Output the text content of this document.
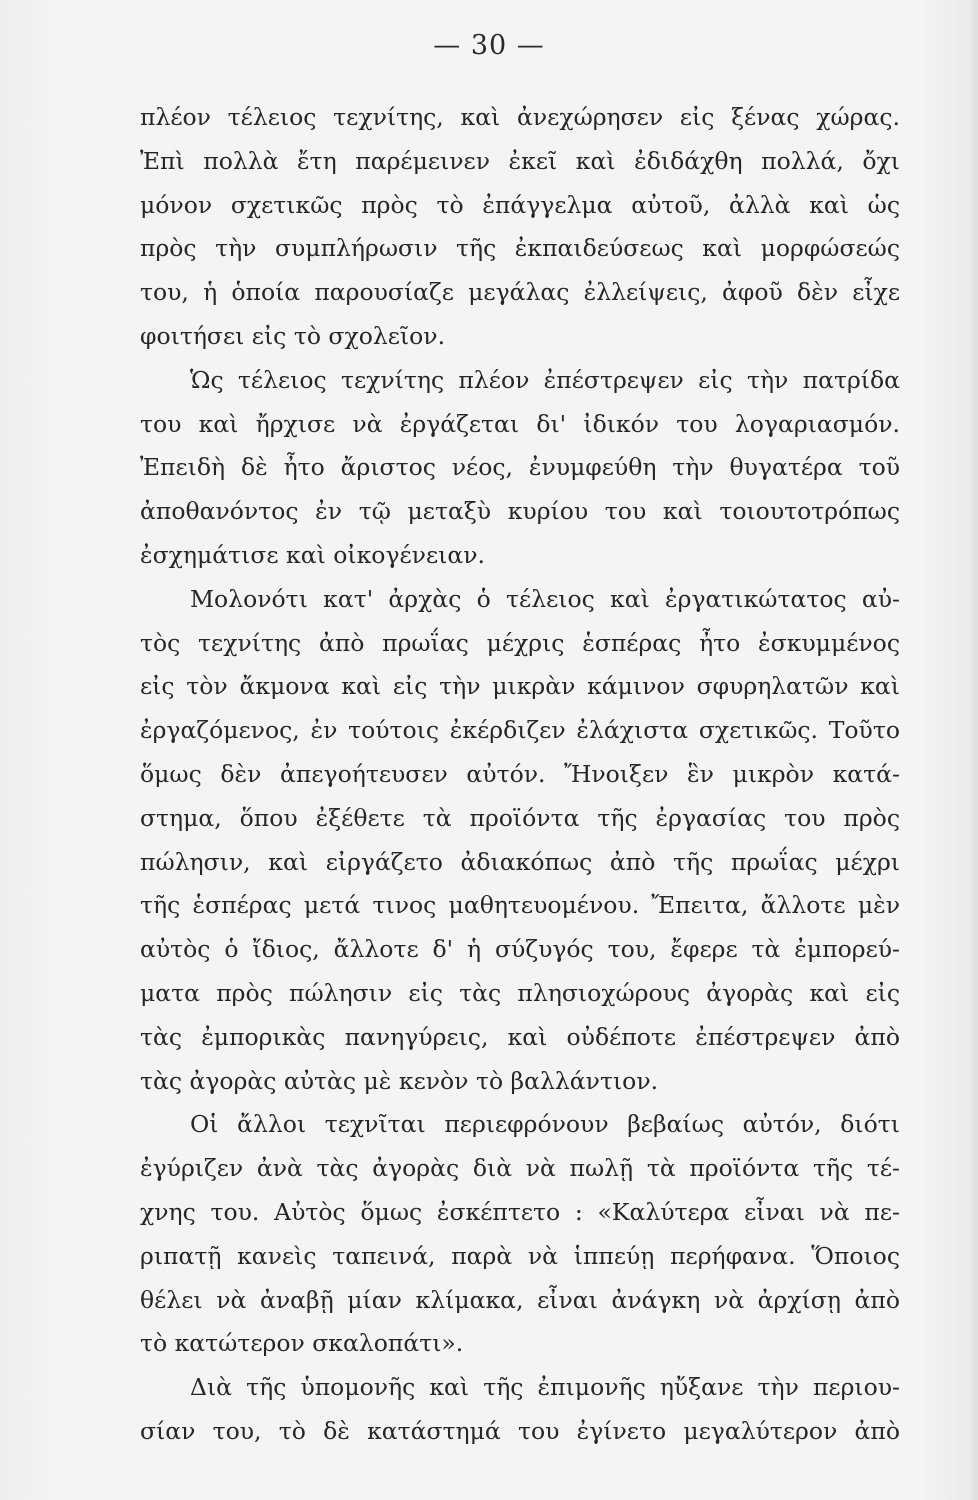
— 30 —
πλέον τέλειος τεχνίτης, καὶ ἀνεχώρησεν εἰς ξένας χώρας.
Ἐπὶ πολλὰ ἔτη παρέμεινεν ἐκεῖ καὶ ἐδιδάχθη πολλά, ὄχι
μόνον σχετικῶς πρὸς τὸ ἐπάγγελμα αὐτοῦ, ἀλλὰ καὶ ὡς
πρὸς τὴν συμπλήρωσιν τῆς ἐκπαιδεύσεως καὶ μορφώσεώς
του, ἡ ὁποία παρουσίαζε μεγάλας ἐλλείψεις, ἀφοῦ δὲν εἶχε
φοιτήσει εἰς τὸ σχολεῖον.
Ὡς τέλειος τεχνίτης πλέον ἐπέστρεψεν εἰς τὴν πατρίδα
του καὶ ἤρχισε νὰ ἐργάζεται δι' ἰδικόν του λογαριασμόν.
Ἐπειδὴ δὲ ἦτο ἄριστος νέος, ἐνυμφεύθη τὴν θυγατέρα τοῦ
ἀποθανόντος ἐν τῷ μεταξὺ κυρίου του καὶ τοιουτοτρόπως
ἐσχημάτισε καὶ οἰκογένειαν.
Μολονότι κατ' ἀρχὰς ὁ τέλειος καὶ ἐργατικώτατος αὐ-
τὸς τεχνίτης ἀπὸ πρωΐας μέχρις ἑσπέρας ἦτο ἐσκυμμένος
εἰς τὸν ἄκμονα καὶ εἰς τὴν μικρὰν κάμινον σφυρηλατῶν καὶ
ἐργαζόμενος, ἐν τούτοις ἐκέρδιζεν ἐλάχιστα σχετικῶς. Τοῦτο
ὅμως δὲν ἀπεγοήτευσεν αὐτόν. Ἤνοιξεν ἓν μικρὸν κατά-
στημα, ὅπου ἐξέθετε τὰ προϊόντα τῆς ἐργασίας του πρὸς
πώλησιν, καὶ εἰργάζετο ἀδιακόπως ἀπὸ τῆς πρωΐας μέχρι
τῆς ἑσπέρας μετά τινος μαθητευομένου. Ἔπειτα, ἄλλοτε μὲν
αὐτὸς ὁ ἴδιος, ἄλλοτε δ' ἡ σύζυγός του, ἔφερε τὰ ἐμπορεύ-
ματα πρὸς πώλησιν εἰς τὰς πλησιοχώρους ἀγορὰς καὶ εἰς
τὰς ἐμπορικὰς πανηγύρεις, καὶ οὐδέποτε ἐπέστρεψεν ἀπὸ
τὰς ἀγορὰς αὐτὰς μὲ κενὸν τὸ βαλλάντιον.
Οἱ ἄλλοι τεχνῖται περιεφρόνουν βεβαίως αὐτόν, διότι
ἐγύριζεν ἀνὰ τὰς ἀγορὰς διὰ νὰ πωλῇ τὰ προϊόντα τῆς τέ-
χνης του. Αὐτὸς ὅμως ἐσκέπτετο : «Καλύτερα εἶναι νὰ πε-
ριπατῇ κανεὶς ταπεινά, παρὰ νὰ ἱππεύῃ περήφανα. Ὅποιος
θέλει νὰ ἀναβῇ μίαν κλίμακα, εἶναι ἀνάγκη νὰ ἀρχίσῃ ἀπὸ
τὸ κατώτερον σκαλοπάτι».
Διὰ τῆς ὑπομονῆς καὶ τῆς ἐπιμονῆς ηὔξανε τὴν περιου-
σίαν του, τὸ δὲ κατάστημά του ἐγίνετο μεγαλύτερον ἀπὸ
